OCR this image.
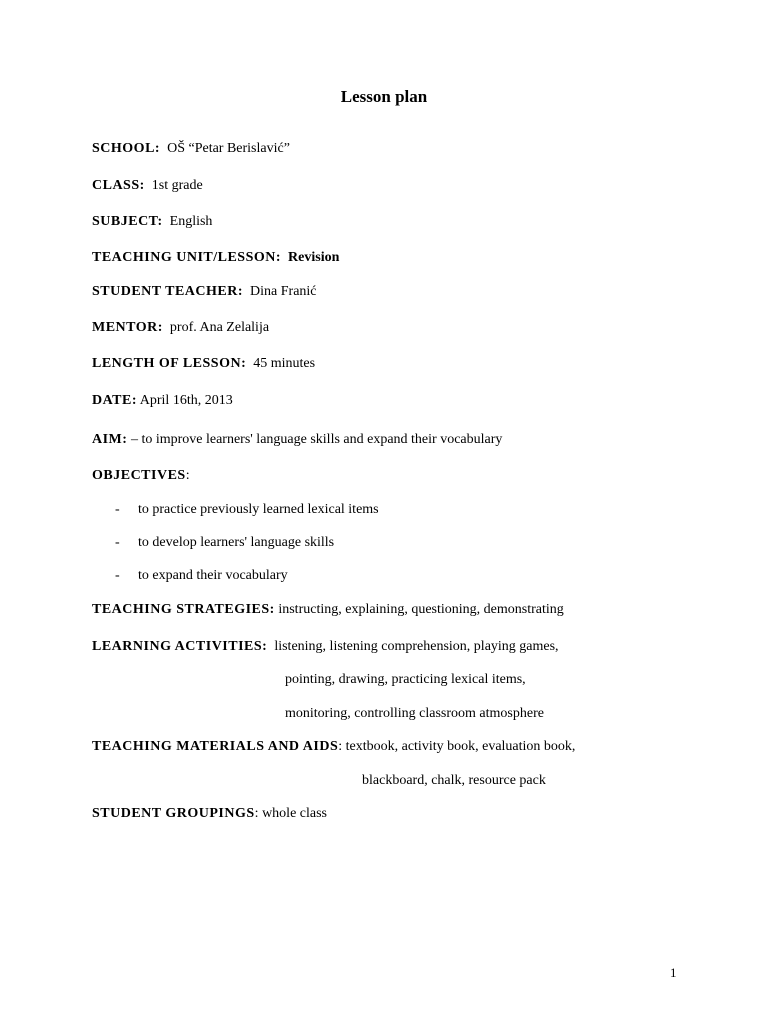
Lesson plan
SCHOOL: OŠ “Petar Berislavić”
CLASS: 1st grade
SUBJECT: English
TEACHING UNIT/LESSON: Revision
STUDENT TEACHER: Dina Franić
MENTOR: prof. Ana Zelalija
LENGTH OF LESSON: 45 minutes
DATE: April 16th, 2013
AIM: – to improve learners' language skills and expand their vocabulary
OBJECTIVES:
- to practice previously learned lexical items
- to develop learners' language skills
- to expand their vocabulary
TEACHING STRATEGIES: instructing, explaining, questioning, demonstrating
LEARNING ACTIVITIES: listening, listening comprehension, playing games,
pointing, drawing, practicing lexical items,
monitoring, controlling classroom atmosphere
TEACHING MATERIALS AND AIDS: textbook, activity book, evaluation book,
blackboard, chalk, resource pack
STUDENT GROUPINGS: whole class
1
